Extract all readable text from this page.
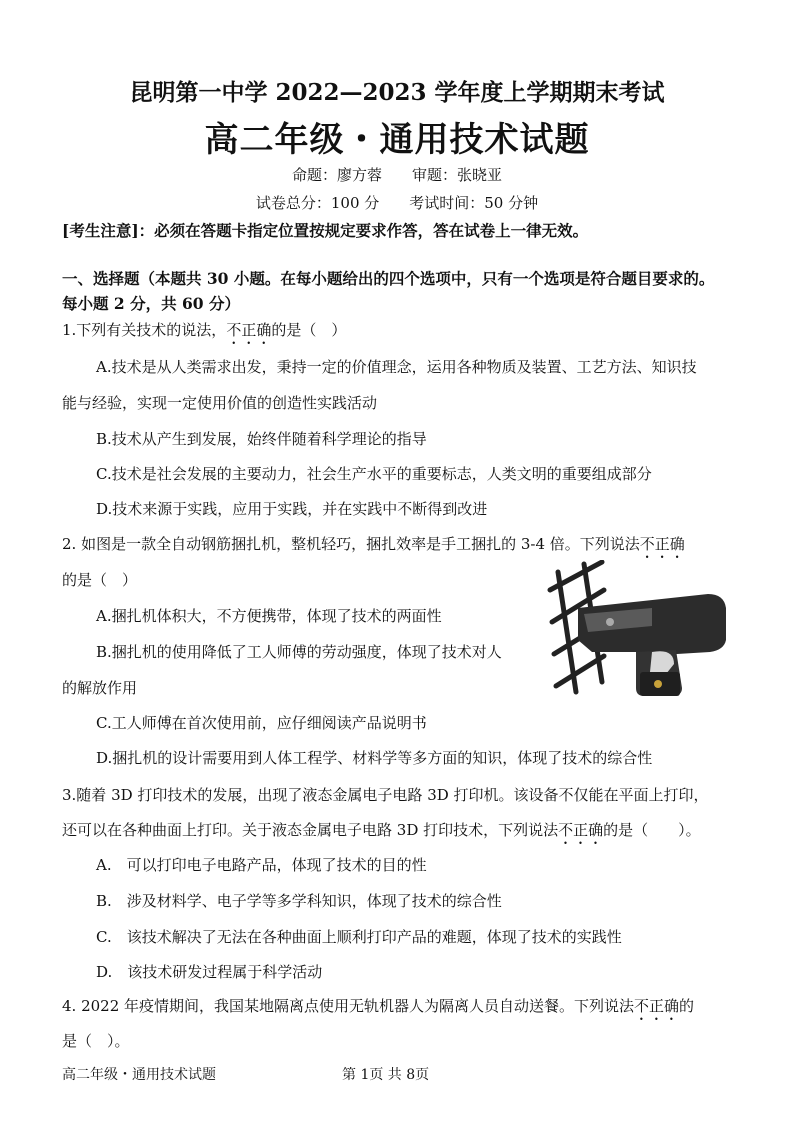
昆明第一中学 2022—2023 学年度上学期期末考试
高二年级・通用技术试题
命题：廖方蓉　　审题：张晓亚
试卷总分：100 分　　考试时间：50 分钟
[考生注意]：必须在答题卡指定位置按规定要求作答，答在试卷上一律无效。
一、选择题（本题共 30 小题。在每小题给出的四个选项中，只有一个选项是符合题目要求的。
每小题 2 分，共 60 分）
1.下列有关技术的说法，不正确的是（　）
A.技术是从人类需求出发，秉持一定的价值理念，运用各种物质及装置、工艺方法、知识技
能与经验，实现一定使用价值的创造性实践活动
B.技术从产生到发展，始终伴随着科学理论的指导
C.技术是社会发展的主要动力，社会生产水平的重要标志，人类文明的重要组成部分
D.技术来源于实践，应用于实践，并在实践中不断得到改进
2. 如图是一款全自动钢筋捆扎机，整机轻巧，捆扎效率是手工捆扎的 3-4 倍。下列说法不正确
的是（　）
A.捆扎机体积大，不方便携带，体现了技术的两面性
B.捆扎机的使用降低了工人师傅的劳动强度，体现了技术对人
的解放作用
C.工人师傅在首次使用前，应仔细阅读产品说明书
D.捆扎机的设计需要用到人体工程学、材料学等多方面的知识，体现了技术的综合性
3.随着 3D 打印技术的发展，出现了液态金属电子电路 3D 打印机。该设备不仅能在平面上打印，
还可以在各种曲面上打印。关于液态金属电子电路 3D 打印技术，下列说法不正确的是（　　）。
A.　可以打印电子电路产品，体现了技术的目的性
B.　涉及材料学、电子学等多学科知识，体现了技术的综合性
C.　该技术解决了无法在各种曲面上顺利打印产品的难题，体现了技术的实践性
D.　该技术研发过程属于科学活动
4. 2022 年疫情期间，我国某地隔离点使用无轨机器人为隔离人员自动送餐。下列说法不正确的
是（　）。
高二年级・通用技术试题	第 1页 共 8页
